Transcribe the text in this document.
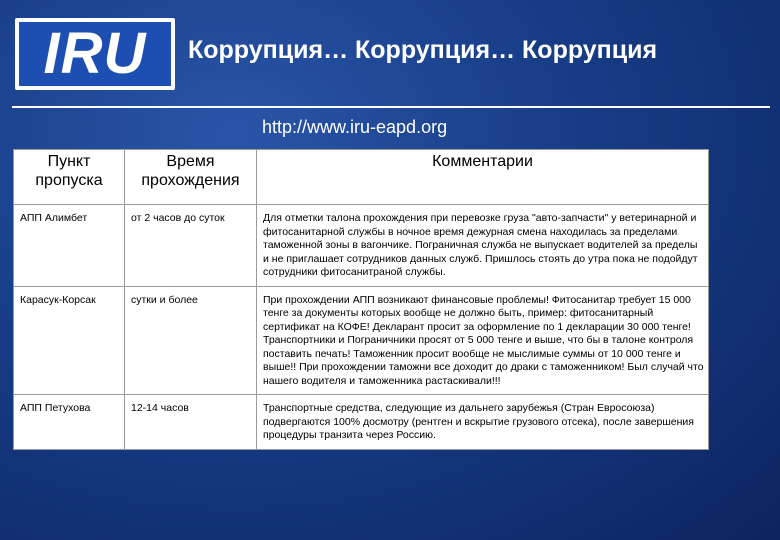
IRU Коррупция… Коррупция… Коррупция
http://www.iru-eapd.org
Пункт пропуска	Время прохождения	Комментарии
АПП Алимбет	от 2 часов до суток	Для отметки талона прохождения при перевозке груза "авто-запчасти" у ветеринарной и фитосанитарной службы в ночное время дежурная смена находилась за пределами таможенной зоны в вагончике. Пограничная служба не выпускает водителей за пределы и не приглашает сотрудников данных служб. Пришлось стоять до утра пока не подойдут сотрудники фитосанитраной службы.
Карасук-Корсак	сутки и более	При прохождении АПП возникают финансовые проблемы! Фитосанитар требует 15 000 тенге за документы которых вообще не должно быть, пример: фитосанитарный сертификат на КОФЕ! Декларант просит за оформление по 1 декларации 30 000 тенге! Транспортники и Пограничники просят от 5 000 тенге и выше, что бы в талоне контроля поставить печать! Таможенник просит вообще не мыслимые суммы от 10 000 тенге и выше!! При прохождении таможни все доходит до драки с таможенником! Был случай что нашего водителя и таможенника растаскивали!!!
АПП Петухова	12-14 часов	Транспортные средства, следующие из дальнего зарубежья (Стран Евросоюза) подвергаются 100% досмотру (рентген и вскрытие грузового отсека), после завершения процедуры транзита через Россию.
